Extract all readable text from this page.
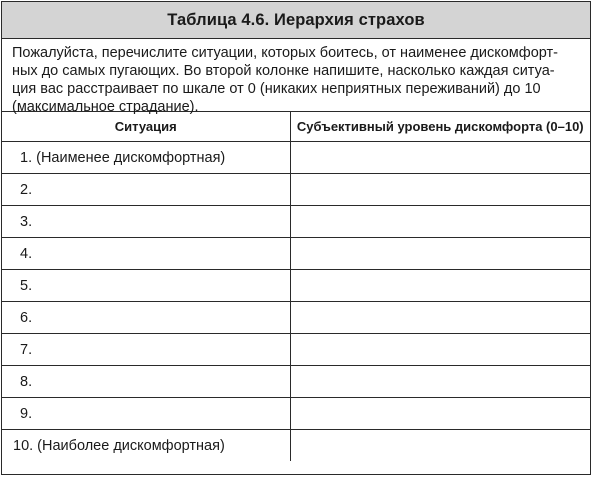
Таблица 4.6. Иерархия страхов
Пожалуйста, перечислите ситуации, которых боитесь, от наименее дискомфорт-
ных до самых пугающих. Во второй колонке напишите, насколько каждая ситуа-
ция вас расстраивает по шкале от 0 (никаких неприятных переживаний) до 10
(максимальное страдание).
Ситуация	Субъективный уровень дискомфорта (0–10)
1. (Наименее дискомфортная)	
2.	
3.	
4.	
5.	
6.	
7.	
8.	
9.	
10. (Наиболее дискомфортная)	
